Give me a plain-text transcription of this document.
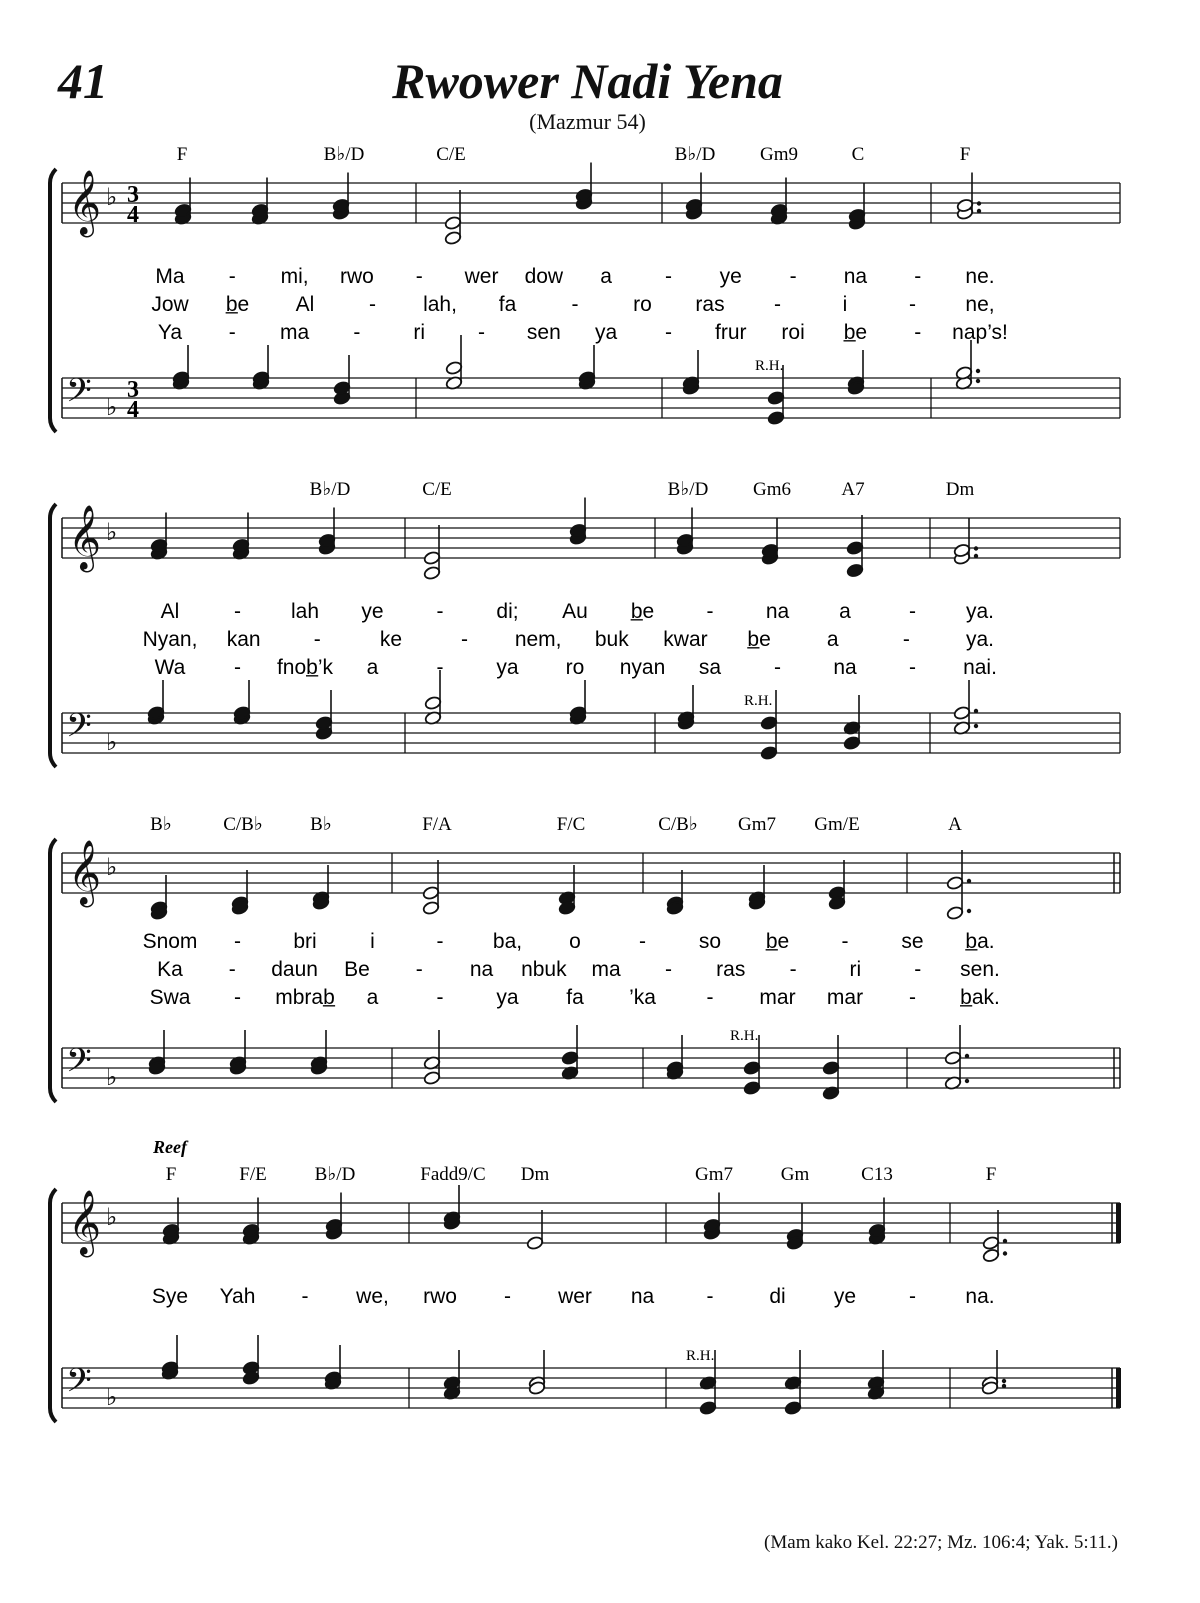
41	Rwower Nadi Yena
(Mazmur 54)
𝄞 ♭
𝄢 ♭
3
4
3
4
R.H.
F	B♭/D	C/E	B♭/D Gm9	C	F
Ma - mi, rwo - wer dow a	- ye - na - ne.
Jow b̲e Al	- lah, fa	-	ro ras -	i	- ne,
Ya - ma -	ri	- sen ya - frur roi b̲e - nap’s!
𝄞 ♭
𝄢 ♭
R.H.
B♭/D	C/E	B♭/D Gm6	A7	Dm
Al	- lah ye	-	di; Au b̲e - na a	- ya.
Nyan, kan	-	ke	- nem, buk kwar b̲e	a	-	ya.
Wa - fnob̲’k a	-	ya ro nyan sa	- na - nai.
𝄞 ♭
𝄢 ♭
R.H.
B♭	C/B♭ B♭	F/A	F/C	C/B♭ Gm7 Gm/E	A
Snom - bri	i	- ba, o	-	so b̲e -	se b̲a.
Ka - daun Be - na nbuk ma - ras -	ri	- sen.
Swa - mbrab̲ a	-	ya fa ’ka - mar mar - b̲ak.
𝄞 ♭
𝄢 ♭
R.H.
Reef
F	F/E	B♭/D	Fadd9/C Dm	Gm7	Gm	C13	F
Sye Yah - we, rwo - wer na -	di ye	- na.
(Mam kako Kel. 22:27; Mz. 106:4; Yak. 5:11.)
